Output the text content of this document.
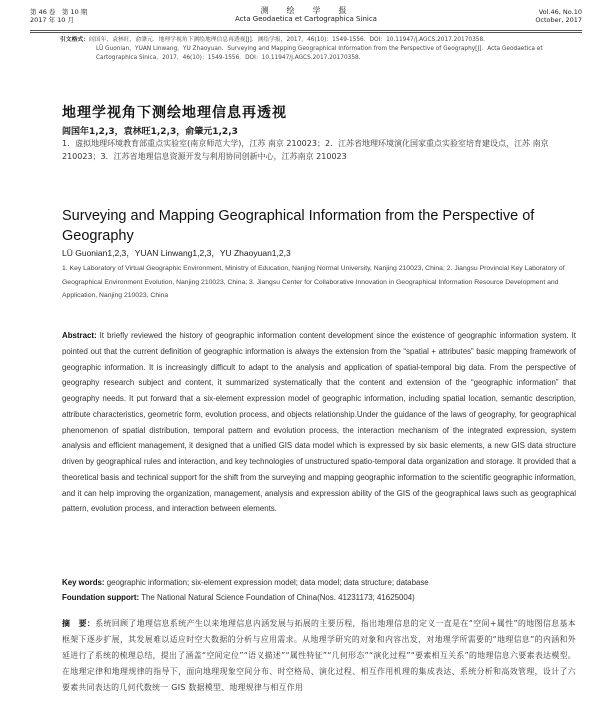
第 46 卷　第 10 期
2017 年 10 月
测　绘　学　报
Acta Geodaetica et Cartographica Sinica
Vol.46, No.10
October, 2017

引文格式：闾国年，袁林旺，俞肇元．地理学视角下测绘地理信息再透视[J]．测绘学报，2017，46(10)：1549-1556．DOI：10.11947/j.AGCS.2017.20170358.

LÜ Guonian，YUAN Linwang，YU Zhaoyuan．Surveying and Mapping Geographical Information from the Perspective of Geography[J]．Acta Geodaetica et Cartographica Sinica，2017，46(10)：1549-1556．DOI：10.11947/j.AGCS.2017.20170358.

地理学视角下测绘地理信息再透视
闾国年1,2,3，袁林旺1,2,3，俞肇元1,2,3
1．虚拟地理环境教育部重点实验室(南京师范大学)，江苏 南京 210023；2．江苏省地理环境演化国家重点实验室培育建设点，江苏 南京 210023；3．江苏省地理信息资源开发与利用协同创新中心，江苏南京 210023
Surveying and Mapping Geographical Information from the Perspective of Geography
LÜ Guonian1,2,3，YUAN Linwang1,2,3，YU Zhaoyuan1,2,3
1. Key Laboratory of Virtual Geographic Environment, Ministry of Education, Nanjing Normal University, Nanjing 210023, China; 2. Jiangsu Provincial Key Laboratory of Geographical Environment Evolution, Nanjing 210023, China; 3. Jiangsu Center for Collaborative Innovation in Geographical Information Resource Development and Application, Nanjing 210023, China

Abstract: It briefly reviewed the history of geographic information content development since the existence of geographic information system. It pointed out that the current definition of geographic information is always the extension from the “spatial + attributes” basic mapping framework of geographic information. It is increasingly difficult to adapt to the analysis and application of spatial-temporal big data. From the perspective of geography research subject and content, it summarized systematically that the content and extension of the “geographic information” that geography needs. It put forward that a six-element expression model of geographic information, including spatial location, semantic description, attribute characteristics, geometric form, evolution process, and objects relationship.Under the guidance of the laws of geography, for geographical phenomenon of spatial distribution, temporal pattern and evolution process, the interaction mechanism of the integrated expression, system analysis and efficient management, it designed that a unified GIS data model which is expressed by six basic elements, a new GIS data structure driven by geographical rules and interaction, and key technologies of unstructured spatio-temporal data organization and storage. It provided that a theoretical basis and technical support for the shift from the surveying and mapping geographic information to the scientific geographic information, and it can help improving the organization, management, analysis and expression ability of the GIS of the geographical laws such as geographical pattern, evolution process, and interaction between elements.

Key words: geographic information; six-element expression model; data model; data structure; database
Foundation support: The National Natural Science Foundation of China(Nos. 41231173; 41625004)

摘　要：系统回顾了地理信息系统产生以来地理信息内涵发展与拓展的主要历程，指出地理信息的定义一直是在“空间+属性”的地图信息基本框架下逐步扩展，其发展难以适应时空大数据的分析与应用需求。从地理学研究的对象和内容出发，对地理学所需要的“地理信息”的内涵和外延进行了系统的梳理总结，提出了涵盖“空间定位”“语义描述”“属性特征”“几何形态”“演化过程”“要素相互关系”的地理信息六要素表达模型。在地理定律和地理规律的指导下，面向地理现象空间分布、时空格局、演化过程、相互作用机理的集成表达、系统分析和高效管理，设计了六要素共同表达的几何代数统一 GIS 数据模型、地理规律与相互作用
